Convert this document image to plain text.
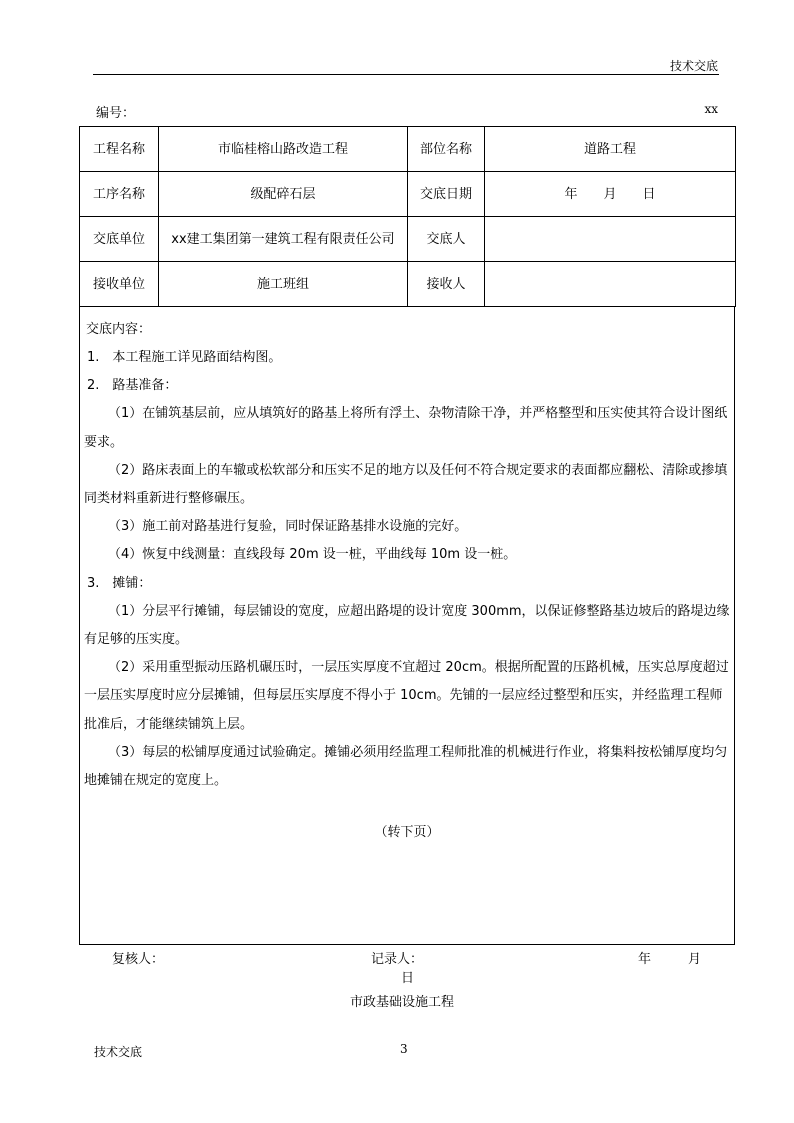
技术交底
编号：	xx
工程名称	市临桂榕山路改造工程	部位名称	道路工程
工序名称	级配碎石层	交底日期	年　　月　　日
交底单位	xx建工集团第一建筑工程有限责任公司	交底人	
接收单位	施工班组	接收人	
交底内容：

1.　本工程施工详见路面结构图。

2.　路基准备：

（1）在铺筑基层前，应从填筑好的路基上将所有浮土、杂物清除干净，并严格整型和压实使其符合设计图纸要求。

（2）路床表面上的车辙或松软部分和压实不足的地方以及任何不符合规定要求的表面都应翻松、清除或掺填同类材料重新进行整修碾压。

（3）施工前对路基进行复验，同时保证路基排水设施的完好。

（4）恢复中线测量：直线段每 20m 设一桩，平曲线每 10m 设一桩。

3.　摊铺：

（1）分层平行摊铺，每层铺设的宽度，应超出路堤的设计宽度 300mm，以保证修整路基边坡后的路堤边缘有足够的压实度。

（2）采用重型振动压路机碾压时，一层压实厚度不宜超过 20cm。根据所配置的压路机械，压实总厚度超过一层压实厚度时应分层摊铺，但每层压实厚度不得小于 10cm。先铺的一层应经过整型和压实，并经监理工程师批准后，才能继续铺筑上层。

（3）每层的松铺厚度通过试验确定。摊铺必须用经监理工程师批准的机械进行作业，将集料按松铺厚度均匀地摊铺在规定的宽度上。

（转下页）
复核人：	记录人：	年	月
日
市政基础设施工程
技术交底	3
